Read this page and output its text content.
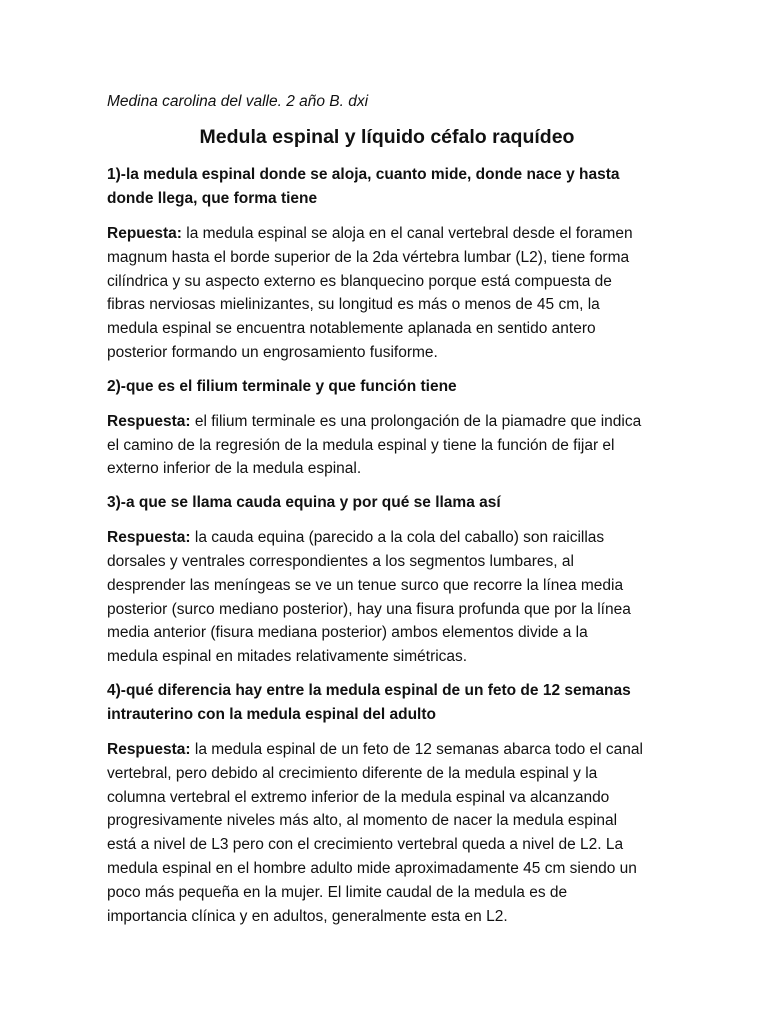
Medina carolina del valle. 2 año B. dxi
Medula espinal y líquido céfalo raquídeo
1)-la medula espinal donde se aloja, cuanto mide, donde nace y hasta
donde llega, que forma tiene
Repuesta: la medula espinal se aloja en el canal vertebral desde el foramen
magnum hasta el borde superior de la 2da vértebra lumbar (L2), tiene forma
cilíndrica y su aspecto externo es blanquecino porque está compuesta de
fibras nerviosas mielinizantes, su longitud es más o menos de 45 cm, la
medula espinal se encuentra notablemente aplanada en sentido antero
posterior formando un engrosamiento fusiforme.
2)-que es el filium terminale y que función tiene
Respuesta: el filium terminale es una prolongación de la piamadre que indica
el camino de la regresión de la medula espinal y tiene la función de fijar el
externo inferior de la medula espinal.
3)-a que se llama cauda equina y por qué se llama así
Respuesta: la cauda equina (parecido a la cola del caballo) son raicillas
dorsales y ventrales correspondientes a los segmentos lumbares, al
desprender las meníngeas se ve un tenue surco que recorre la línea media
posterior (surco mediano posterior), hay una fisura profunda que por la línea
media anterior (fisura mediana posterior) ambos elementos divide a la
medula espinal en mitades relativamente simétricas.
4)-qué diferencia hay entre la medula espinal de un feto de 12 semanas
intrauterino con la medula espinal del adulto
Respuesta: la medula espinal de un feto de 12 semanas abarca todo el canal
vertebral, pero debido al crecimiento diferente de la medula espinal y la
columna vertebral el extremo inferior de la medula espinal va alcanzando
progresivamente niveles más alto, al momento de nacer la medula espinal
está a nivel de L3 pero con el crecimiento vertebral queda a nivel de L2. La
medula espinal en el hombre adulto mide aproximadamente 45 cm siendo un
poco más pequeña en la mujer. El limite caudal de la medula es de
importancia clínica y en adultos, generalmente esta en L2.
